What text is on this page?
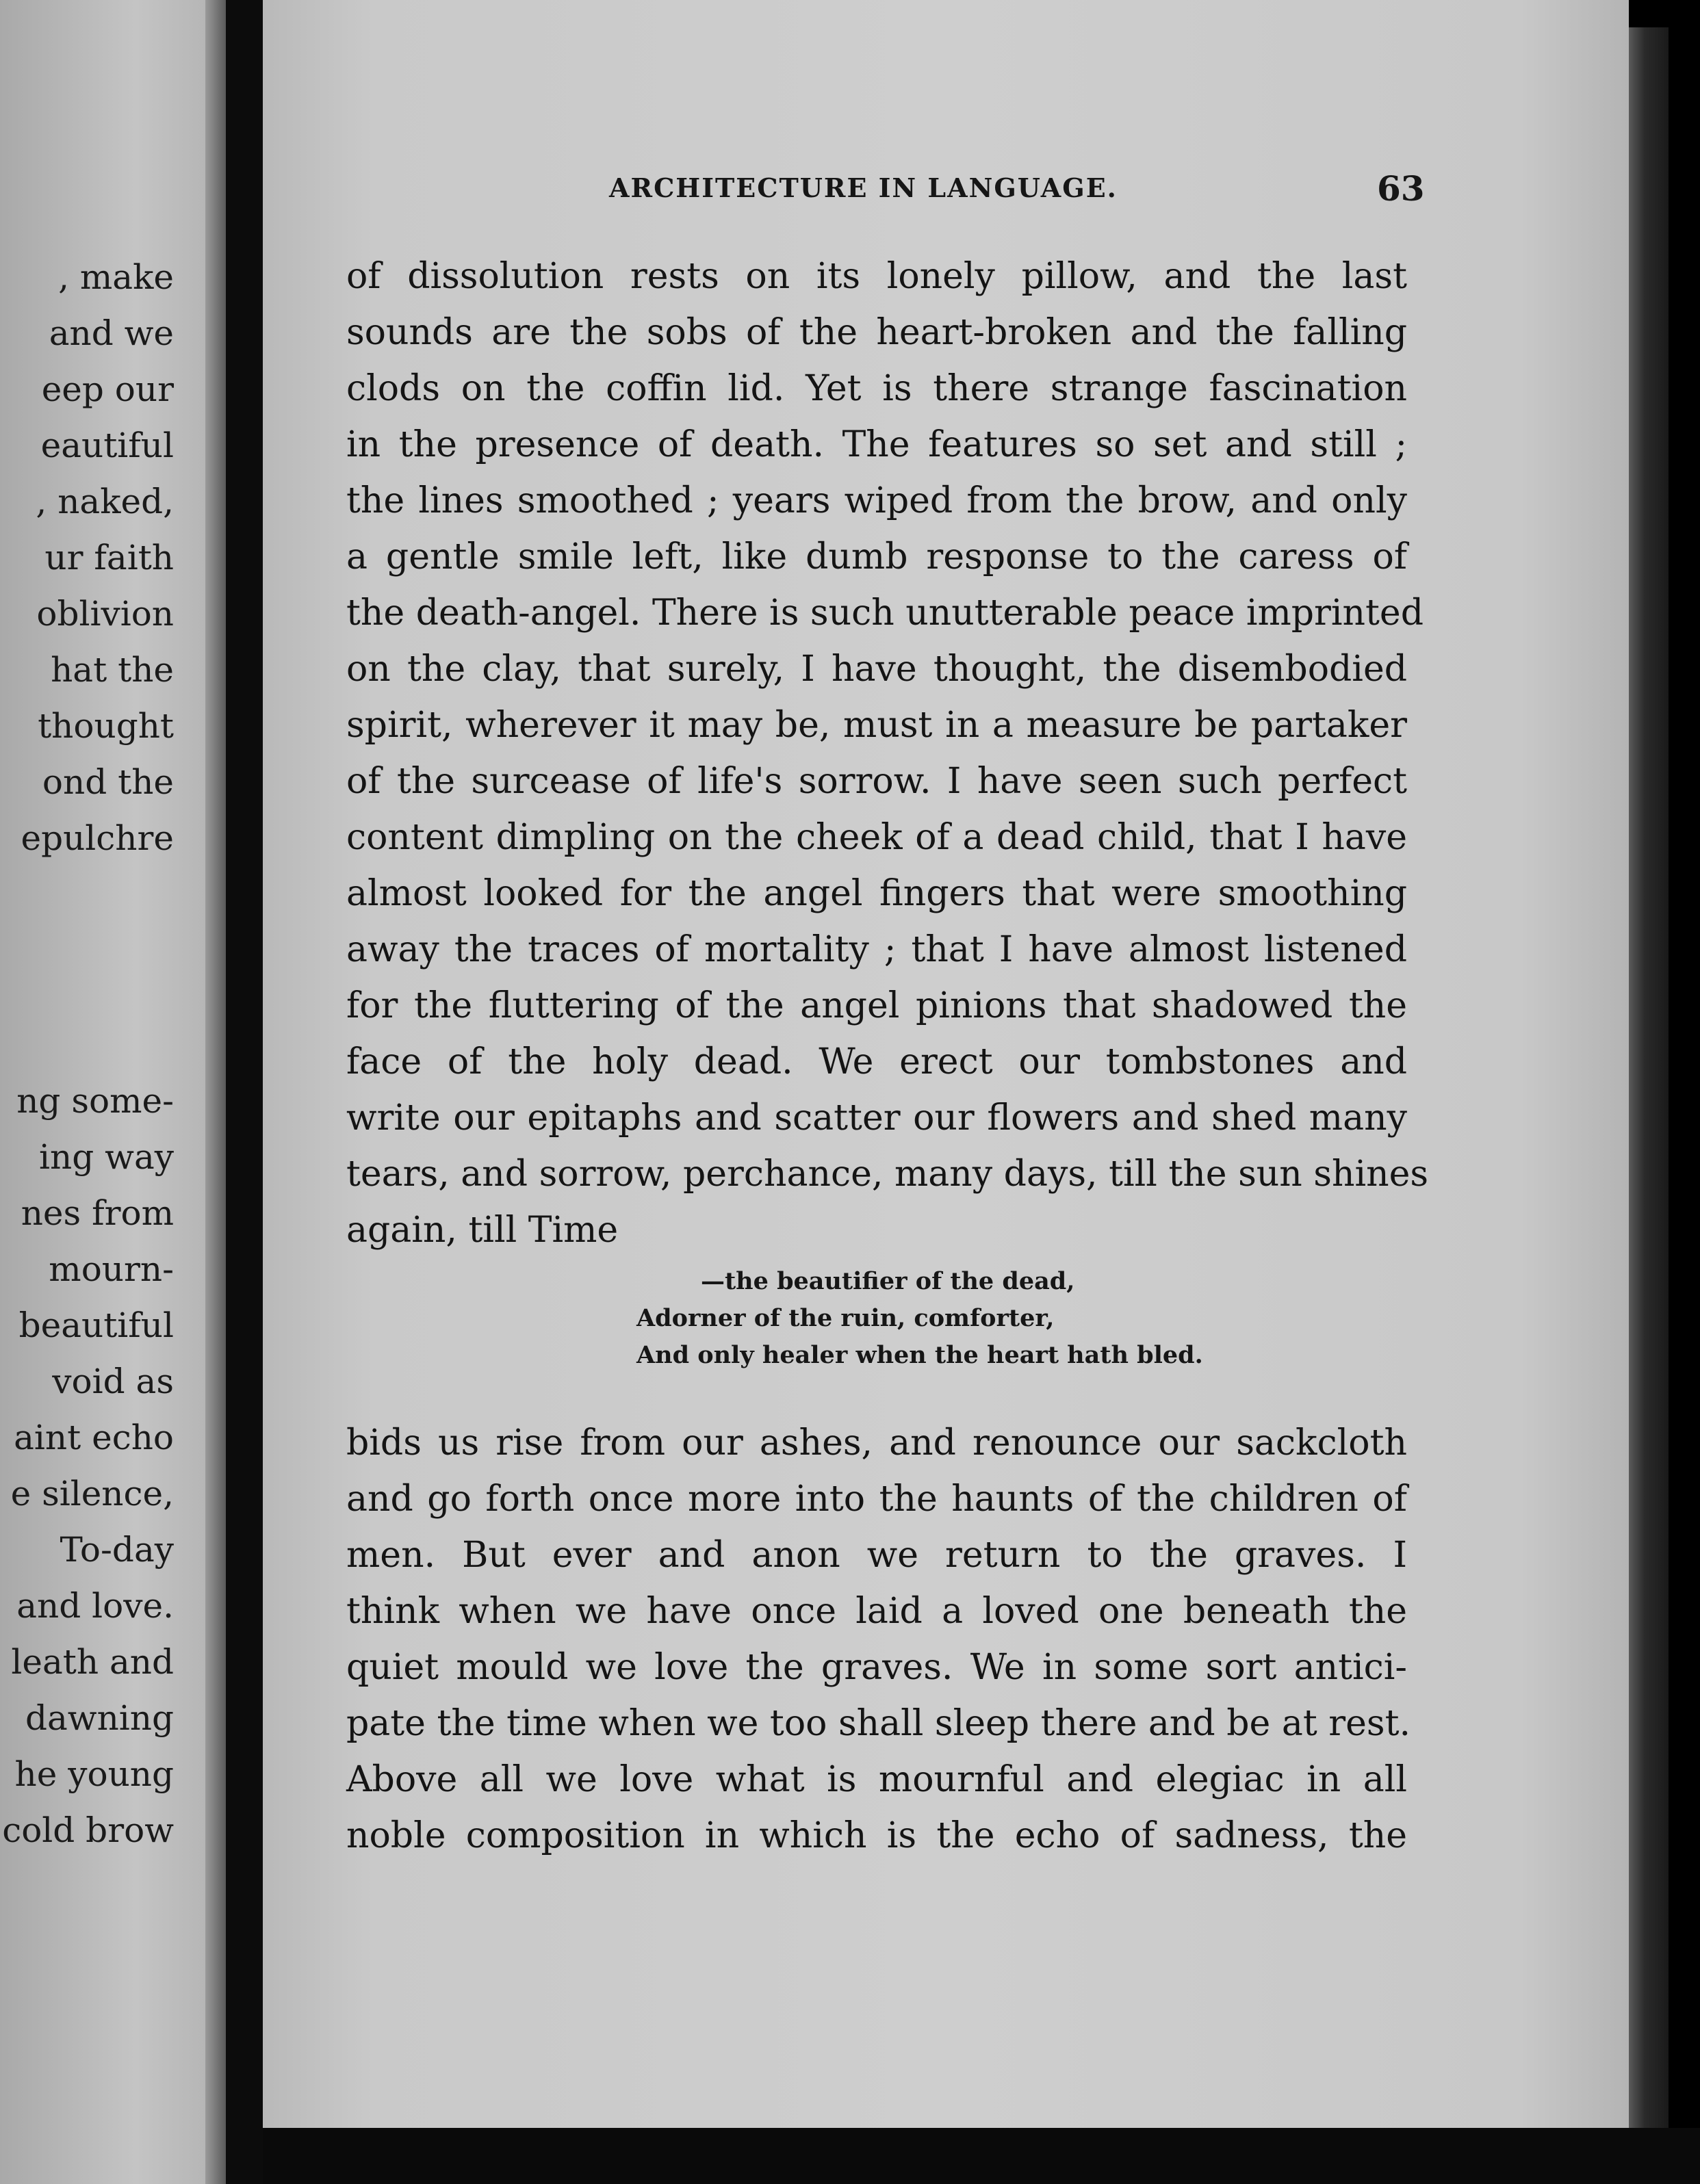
, make
and we
eep our
eautiful
, naked,
ur faith
oblivion
hat the
thought
ond the
epulchre
ng some-
ing way
nes from
mourn-
beautiful
void as
aint echo
e silence,
To-day
and love.
leath and
dawning
he young
cold brow
ARCHITECTURE IN LANGUAGE.	63
of dissolution rests on its lonely pillow, and the last
sounds are the sobs of the heart-broken and the falling
clods on the coffin lid. Yet is there strange fascination
in the presence of death. The features so set and still ;
the lines smoothed ; years wiped from the brow, and only
a gentle smile left, like dumb response to the caress of
the death-angel. There is such unutterable peace imprinted
on the clay, that surely, I have thought, the disembodied
spirit, wherever it may be, must in a measure be partaker
of the surcease of life's sorrow. I have seen such perfect
content dimpling on the cheek of a dead child, that I have
almost looked for the angel fingers that were smoothing
away the traces of mortality ; that I have almost listened
for the fluttering of the angel pinions that shadowed the
face of the holy dead. We erect our tombstones and
write our epitaphs and scatter our flowers and shed many
tears, and sorrow, perchance, many days, till the sun shines
again, till Time
—the beautifier of the dead,
Adorner of the ruin, comforter,
And only healer when the heart hath bled.
bids us rise from our ashes, and renounce our sackcloth
and go forth once more into the haunts of the children of
men. But ever and anon we return to the graves. I
think when we have once laid a loved one beneath the
quiet mould we love the graves. We in some sort antici-
pate the time when we too shall sleep there and be at rest.
Above all we love what is mournful and elegiac in all
noble composition in which is the echo of sadness, the
